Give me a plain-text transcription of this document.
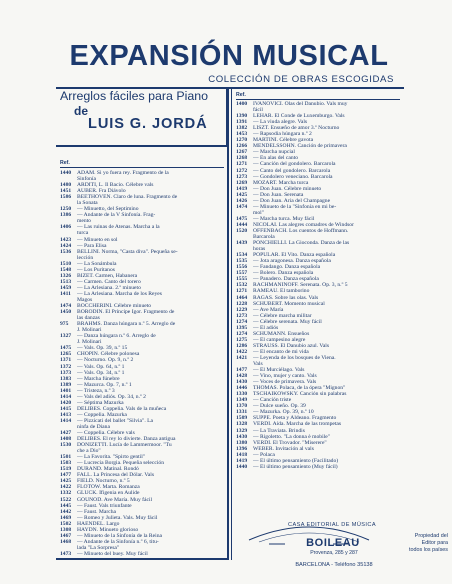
EXPANSIÓN MUSICAL
COLECCIÓN DE OBRAS ESCOGIDAS
Arreglos fáciles para Piano
de
LUIS G. JORDÁ
Ref.
Ref.
1440	ADAM. Si yo fuera rey. Fragmento de la
Sinfonía
1480	ARDITI, L. Il Bacio. Célebre vals
1451	AUBER. Fra Diávolo
1586	BEETHOVEN. Claro de luna. Fragmento de
la Sonata
1250	— Minuetto, del Septimino
1386	— Andante de la V Sinfonía. Frag-
mento
1406	— Las ruinas de Atenas. Marcha a la
turca
1423	— Minueto en sol
1424	— Para Elisa
1536	BELLINI. Norma, "Casta diva". Pequeña se-
lección
1510	— La Sonámbula
1548	— Los Puritanos
1326	BIZET. Carmen, Habanera
1513	— Carmen. Canto del torero
1459	— La Arlesiana. 2.º minueto
1411	— La Arlesiana. Marcha de los Reyes
Magos
1474	BOCCHERINI. Célebre minueto
1450	BORODIN. El Príncipe Igor. Fragmento de
las danzas
975	BRAHMS. Danza húngara n.º 5. Arreglo de
J. Molinari
1327	— Danza húngara n.º 6. Arreglo de
J. Molinari
1475	— Vals. Op. 39, n.º 15
1265	CHOPIN. Célebre polonesa
1371	— Nocturno. Op. 9, n.º 2
1372	— Vals. Op. 64, n.º 1
1373	— Vals. Op. 34, n.º 1
1383	— Marcha fúnebre
1389	— Mazurca. Op. 7, n.º 1
1401	— Tristeza, n.º 3
1414	— Vals del adiós. Op. 34, n.º 2
1420	— Séptima Mazurka
1415	DELIBES. Coppelia. Vals de la muñeca
1413	— Coppelia. Mazurka
1414	— Pizzicati del ballet "Silvia". La
ninfa de Diana
1427	— Coppelia. Célebre vals
1408	DELIBES. El rey lo divierte. Danza antigua
1530	DONIZETTI. Lucía de Lammermoor. "Tu
che a Dio"
1501	— La Favorita. "Spirto gentil"
1503	— Lucrecia Borgia. Pequeña selección
1519	DURAND. Matinal. Rondó
1477	FALL. La Princesa del Dólar. Vals
1425	FIELD. Nocturno, n.º 5
1422	FLOTOW. Marta. Romanza
1332	GLUCK. Ifigenia en Aulide
1522	GOUNOD. Ave María. Muy fácil
1445	— Faust. Vals triunfante
1442	— Faust. Marcha
1469	— Romeo y Julieta. Vals. Muy fácil
1502	HAENDEL. Largo
1308	HAYDN. Minueto glorioso
1467	— Minueto de la Sinfonía de la Reina
1468	— Andante de la Sinfonía n.º 6, titu-
lada "La Sorpresa"
1473	— Minueto del buey. Muy fácil
1400	IVANOVICI. Olas del Danubio. Vals muy
fácil
1390	LEHAR. El Conde de Luxemburgo. Vals
1391	— La viuda alegre. Vals
1382	LISZT. Ensueño de amor 3.º Nocturno
1453	— Rapsodia húngara n.º 2
1270	MARTINI. Célebre gavota
1266	MENDELSSOHN. Canción de primavera
1267	— Marcha nupcial
1268	— En alas del canto
1271	— Canción del gondolero. Barcarola
1272	— Canto del gondolero. Barcarola
1273	— Gondolero veneciano. Barcarola
1269	MOZART. Marcha turca
1419	— Don Juan. Célebre minueto
1425	— Don Juan. Serenata
1426	— Don Juan. Aria del Champagne
1474	— Minueto de la "Sinfonía en mi be-
mol"
1475	— Marcha turca. Muy fácil
1444	NICOLAI. Las alegres comadres de Windsor
1520	OFFENBACH. Los cuentos de Hoffmann.
Barcarola
1439	PONCHIELLI. La Gioconda. Danza de las
horas
1534	POPULAR. El Vito. Danza española
1535	— Jota aragonesa. Danza española
1556	— Fandango. Danza española
1557	— Bolero. Danza española
1555	— Panadero. Danza española
1532	RACHMANINOFF. Serenata. Op. 3, n.º 5
1271	RAMEAU. El tamborino
1464	RAGAS. Sobre las olas. Vals
1228	SCHUBERT. Momento musical
1229	— Ave María
1273	— Célebre marcha militar
1274	— Célebre serenata. Muy fácil
1395	— El adiós
1274	SCHUMANN. Ensueños
1275	— El campesino alegre
1286	STRAUSS. El Danubio azul. Vals
1422	— El encanto de mi vida
1421	— Leyenda de los bosques de Viena.
Vals
1477	— El Murciélago. Vals
1428	— Vino, mujer y canto. Vals
1430	— Voces de primavera. Vals
1446	THOMAS. Polaca, de la ópera "Mignon"
1330	TSCHAIKOWSKY. Canción sin palabras
1349	— Canción triste
1370	— Dulce sueño. Op. 39
1331	— Mazurka. Op. 39, n.º 10
1509	SUPPE. Poeta y Aldeano. Fragmento
1328	VERDI. Aída. Marcha de las trompetas
1329	— La Traviata. Brindis
1430	— Rigoletto. "La donna è mobile"
1380	VERDI. El Trovador. "Miserere"
1396	WEBER. Invitación al vals
1418	— Polaca
1419	— El último pensamiento (Facilitado)
1440	— El último pensamiento (Muy fácil)
CASA EDITORIAL DE MÚSICA
BOILEAU
Provenza, 285 y 287
BARCELONA - Teléfono 35138
Propiedad del
Editor para
todos los países
